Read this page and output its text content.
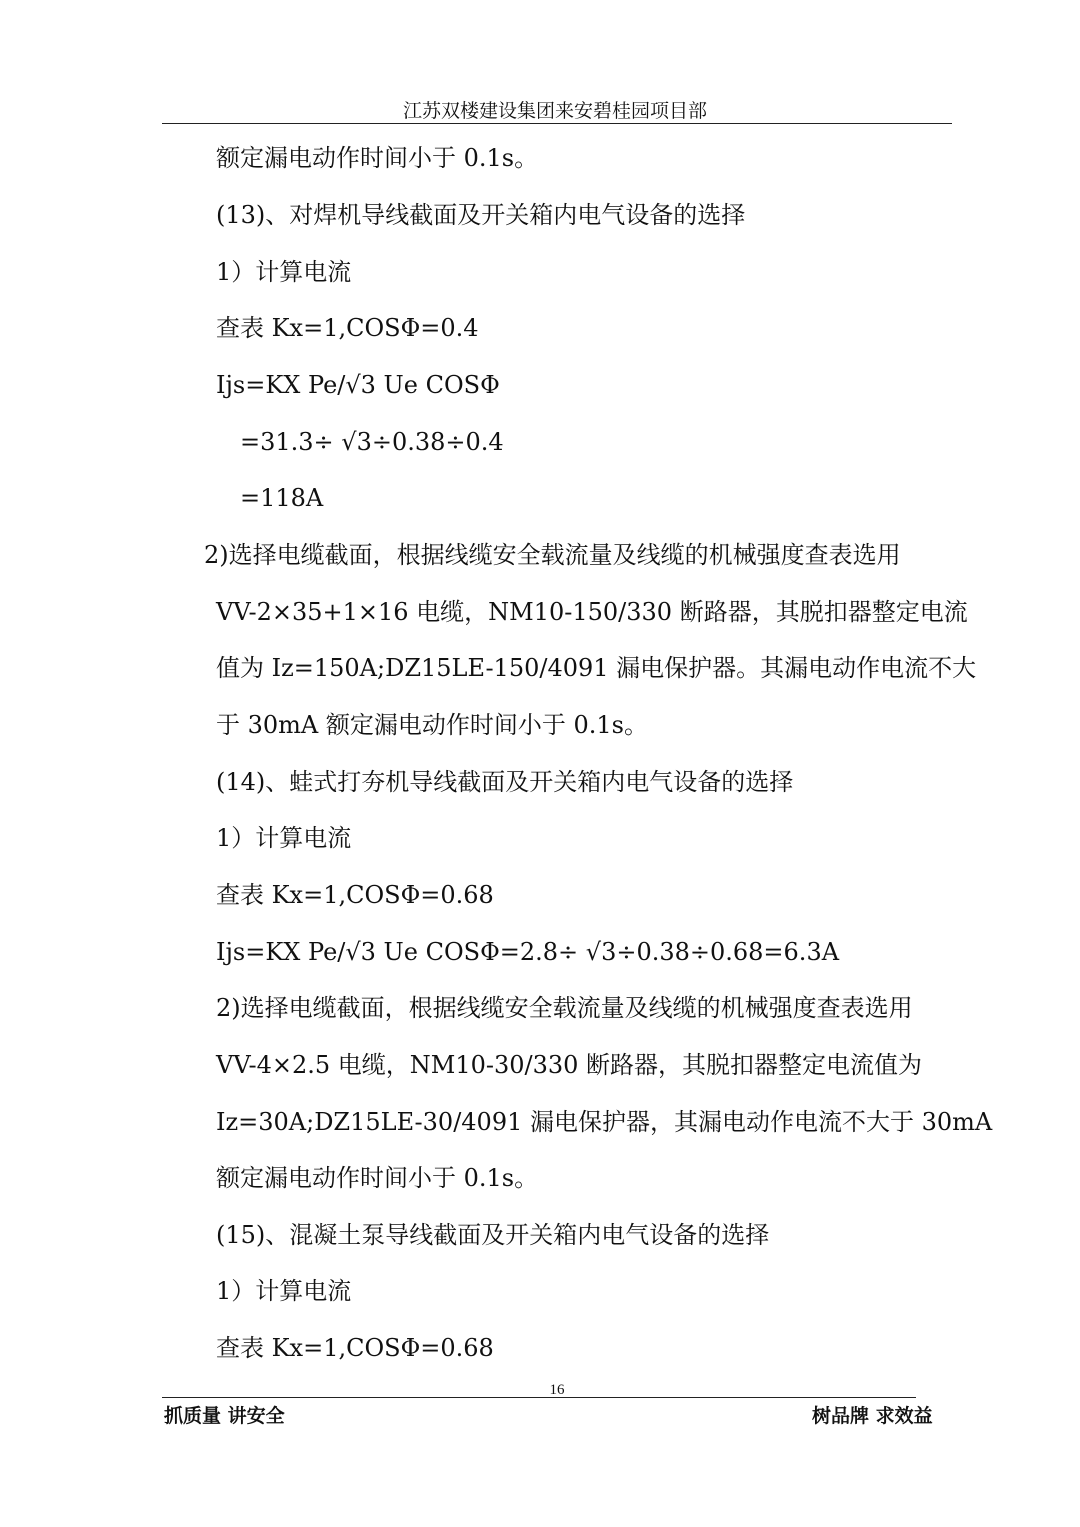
江苏双楼建设集团来安碧桂园项目部
额定漏电动作时间小于 0.1s。
(13)、对焊机导线截面及开关箱内电气设备的选择
1）计算电流
查表 Kx=1,COSΦ=0.4
Ijs=KX Pe/√3 Ue COSΦ
=31.3÷ √3÷0.38÷0.4
=118A
2)选择电缆截面，根据线缆安全载流量及线缆的机械强度查表选用
VV-2×35+1×16 电缆，NM10-150/330 断路器，其脱扣器整定电流
值为 Iz=150A;DZ15LE-150/4091 漏电保护器。其漏电动作电流不大
于 30mA 额定漏电动作时间小于 0.1s。
(14)、蛙式打夯机导线截面及开关箱内电气设备的选择
1）计算电流
查表 Kx=1,COSΦ=0.68
Ijs=KX Pe/√3 Ue COSΦ=2.8÷ √3÷0.38÷0.68=6.3A
2)选择电缆截面，根据线缆安全载流量及线缆的机械强度查表选用
VV-4×2.5 电缆，NM10-30/330 断路器，其脱扣器整定电流值为
Iz=30A;DZ15LE-30/4091 漏电保护器，其漏电动作电流不大于 30mA
额定漏电动作时间小于 0.1s。
(15)、混凝土泵导线截面及开关箱内电气设备的选择
1）计算电流
查表 Kx=1,COSΦ=0.68
16
抓质量 讲安全	树品牌 求效益
